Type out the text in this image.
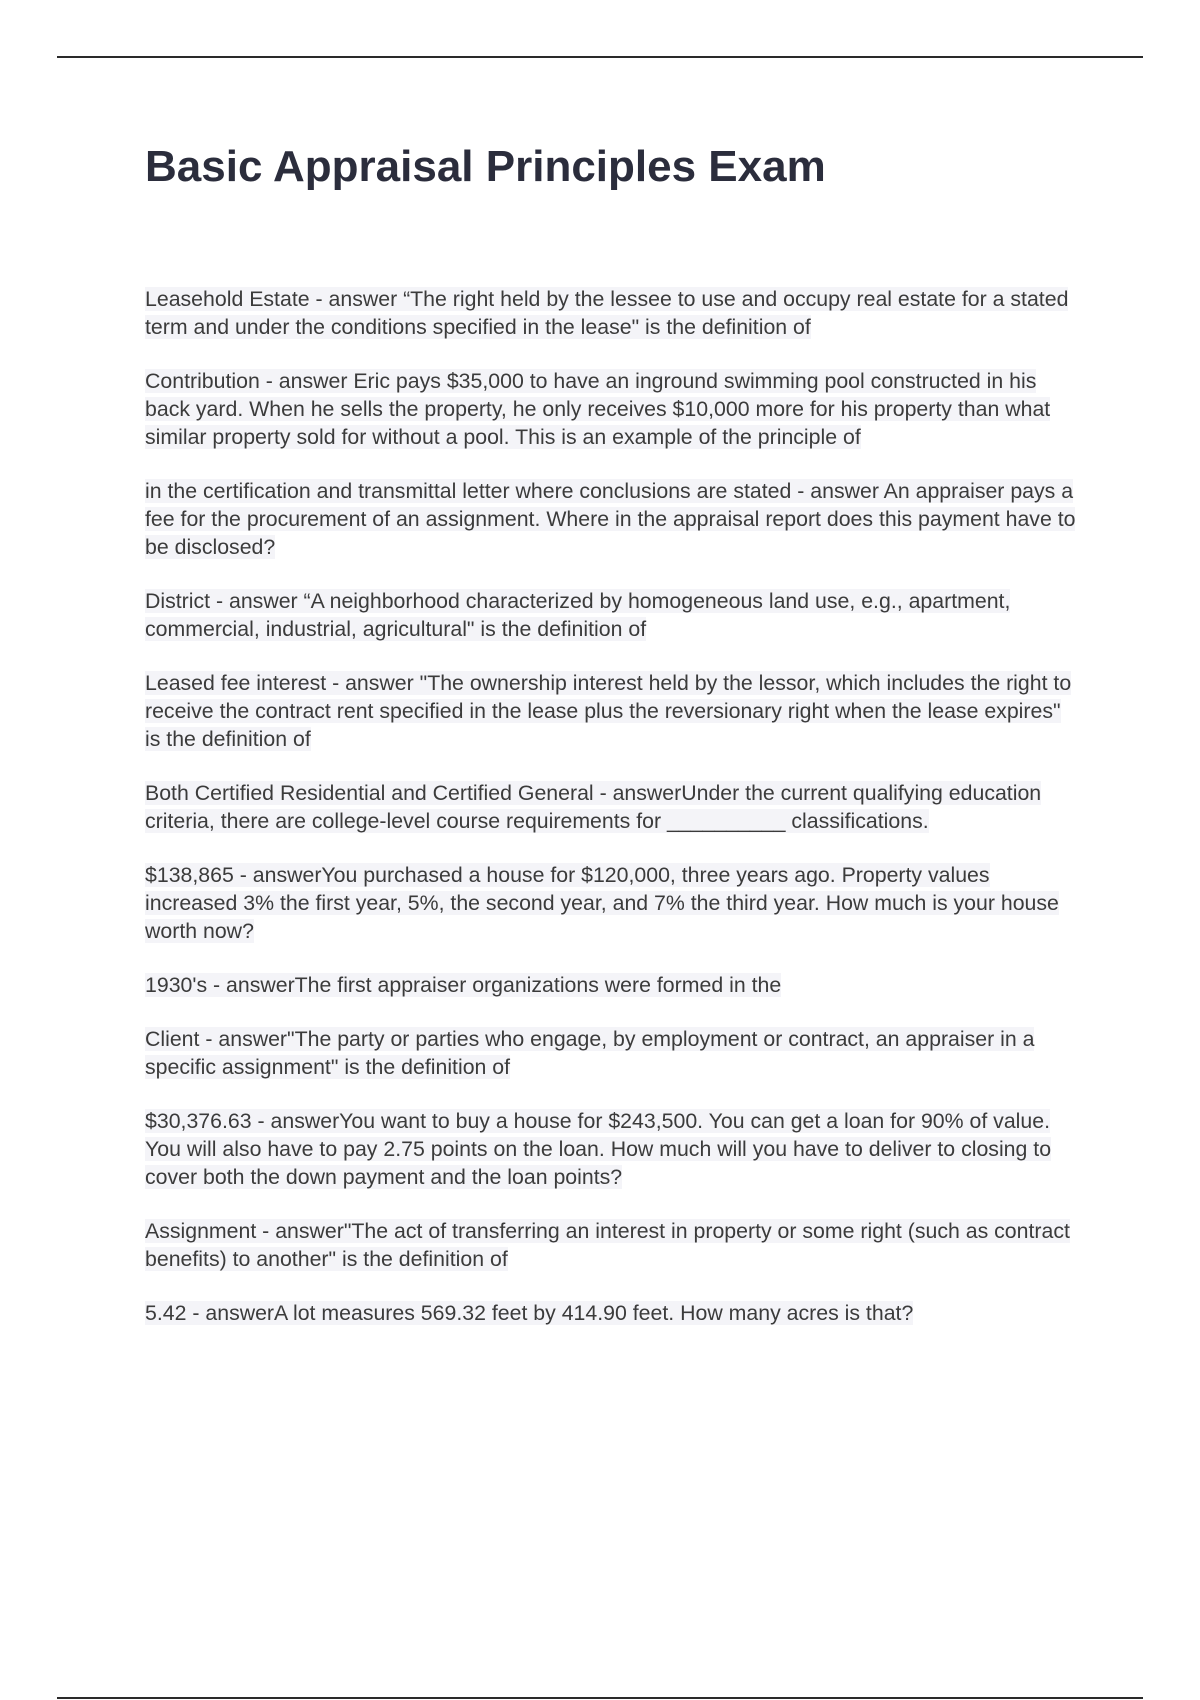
Basic Appraisal Principles Exam
Leasehold Estate - answer “The right held by the lessee to use and occupy real estate for a stated term and under the conditions specified in the lease" is the definition of
Contribution - answer Eric pays $35,000 to have an inground swimming pool constructed in his back yard. When he sells the property, he only receives $10,000 more for his property than what similar property sold for without a pool. This is an example of the principle of
in the certification and transmittal letter where conclusions are stated - answer An appraiser pays a fee for the procurement of an assignment. Where in the appraisal report does this payment have to be disclosed?
District - answer “A neighborhood characterized by homogeneous land use, e.g., apartment, commercial, industrial, agricultural" is the definition of
Leased fee interest - answer "The ownership interest held by the lessor, which includes the right to receive the contract rent specified in the lease plus the reversionary right when the lease expires" is the definition of
Both Certified Residential and Certified General - answerUnder the current qualifying education criteria, there are college-level course requirements for __________ classifications.
$138,865 - answerYou purchased a house for $120,000, three years ago. Property values increased 3% the first year, 5%, the second year, and 7% the third year. How much is your house worth now?
1930's - answerThe first appraiser organizations were formed in the
Client - answer"The party or parties who engage, by employment or contract, an appraiser in a specific assignment" is the definition of
$30,376.63 - answerYou want to buy a house for $243,500. You can get a loan for 90% of value. You will also have to pay 2.75 points on the loan. How much will you have to deliver to closing to cover both the down payment and the loan points?
Assignment - answer"The act of transferring an interest in property or some right (such as contract benefits) to another" is the definition of
5.42 - answerA lot measures 569.32 feet by 414.90 feet. How many acres is that?
